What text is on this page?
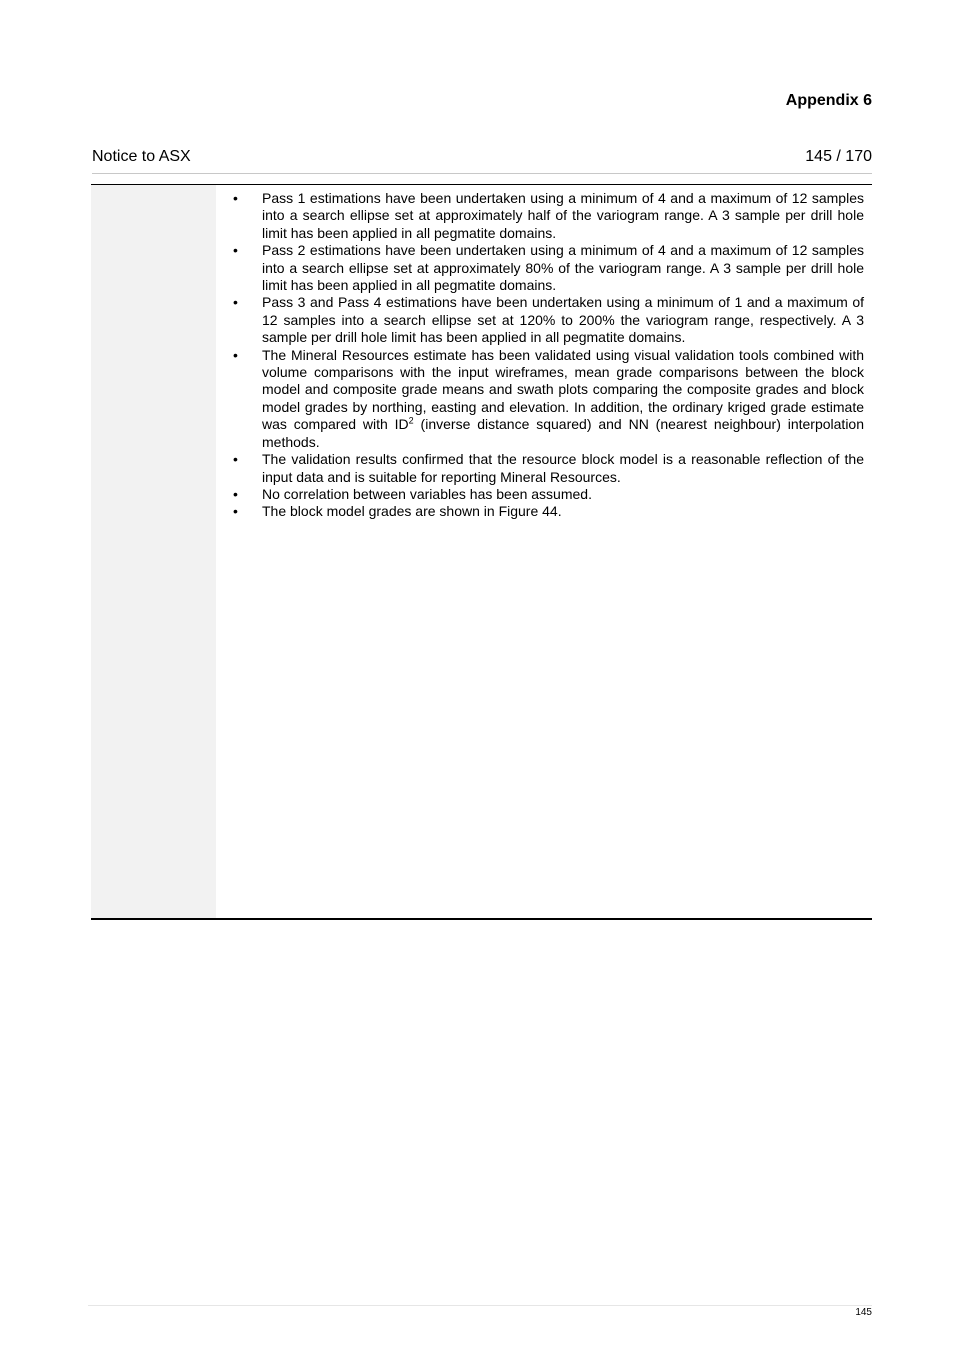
Appendix 6
Notice to ASX	145 / 170
• Pass 1 estimations have been undertaken using a minimum of 4 and a maximum of 12 samples into a search ellipse set at approximately half of the variogram range. A 3 sample per drill hole limit has been applied in all pegmatite domains.
• Pass 2 estimations have been undertaken using a minimum of 4 and a maximum of 12 samples into a search ellipse set at approximately 80% of the variogram range. A 3 sample per drill hole limit has been applied in all pegmatite domains.
• Pass 3 and Pass 4 estimations have been undertaken using a minimum of 1 and a maximum of 12 samples into a search ellipse set at 120% to 200% the variogram range, respectively. A 3 sample per drill hole limit has been applied in all pegmatite domains.
• The Mineral Resources estimate has been validated using visual validation tools combined with volume comparisons with the input wireframes, mean grade comparisons between the block model and composite grade means and swath plots comparing the composite grades and block model grades by northing, easting and elevation. In addition, the ordinary kriged grade estimate was compared with $ID^2$ (inverse distance squared) and NN (nearest neighbour) interpolation methods.
• The validation results confirmed that the resource block model is a reasonable reflection of the input data and is suitable for reporting Mineral Resources.
• No correlation between variables has been assumed.
• The block model grades are shown in Figure 44.
145
